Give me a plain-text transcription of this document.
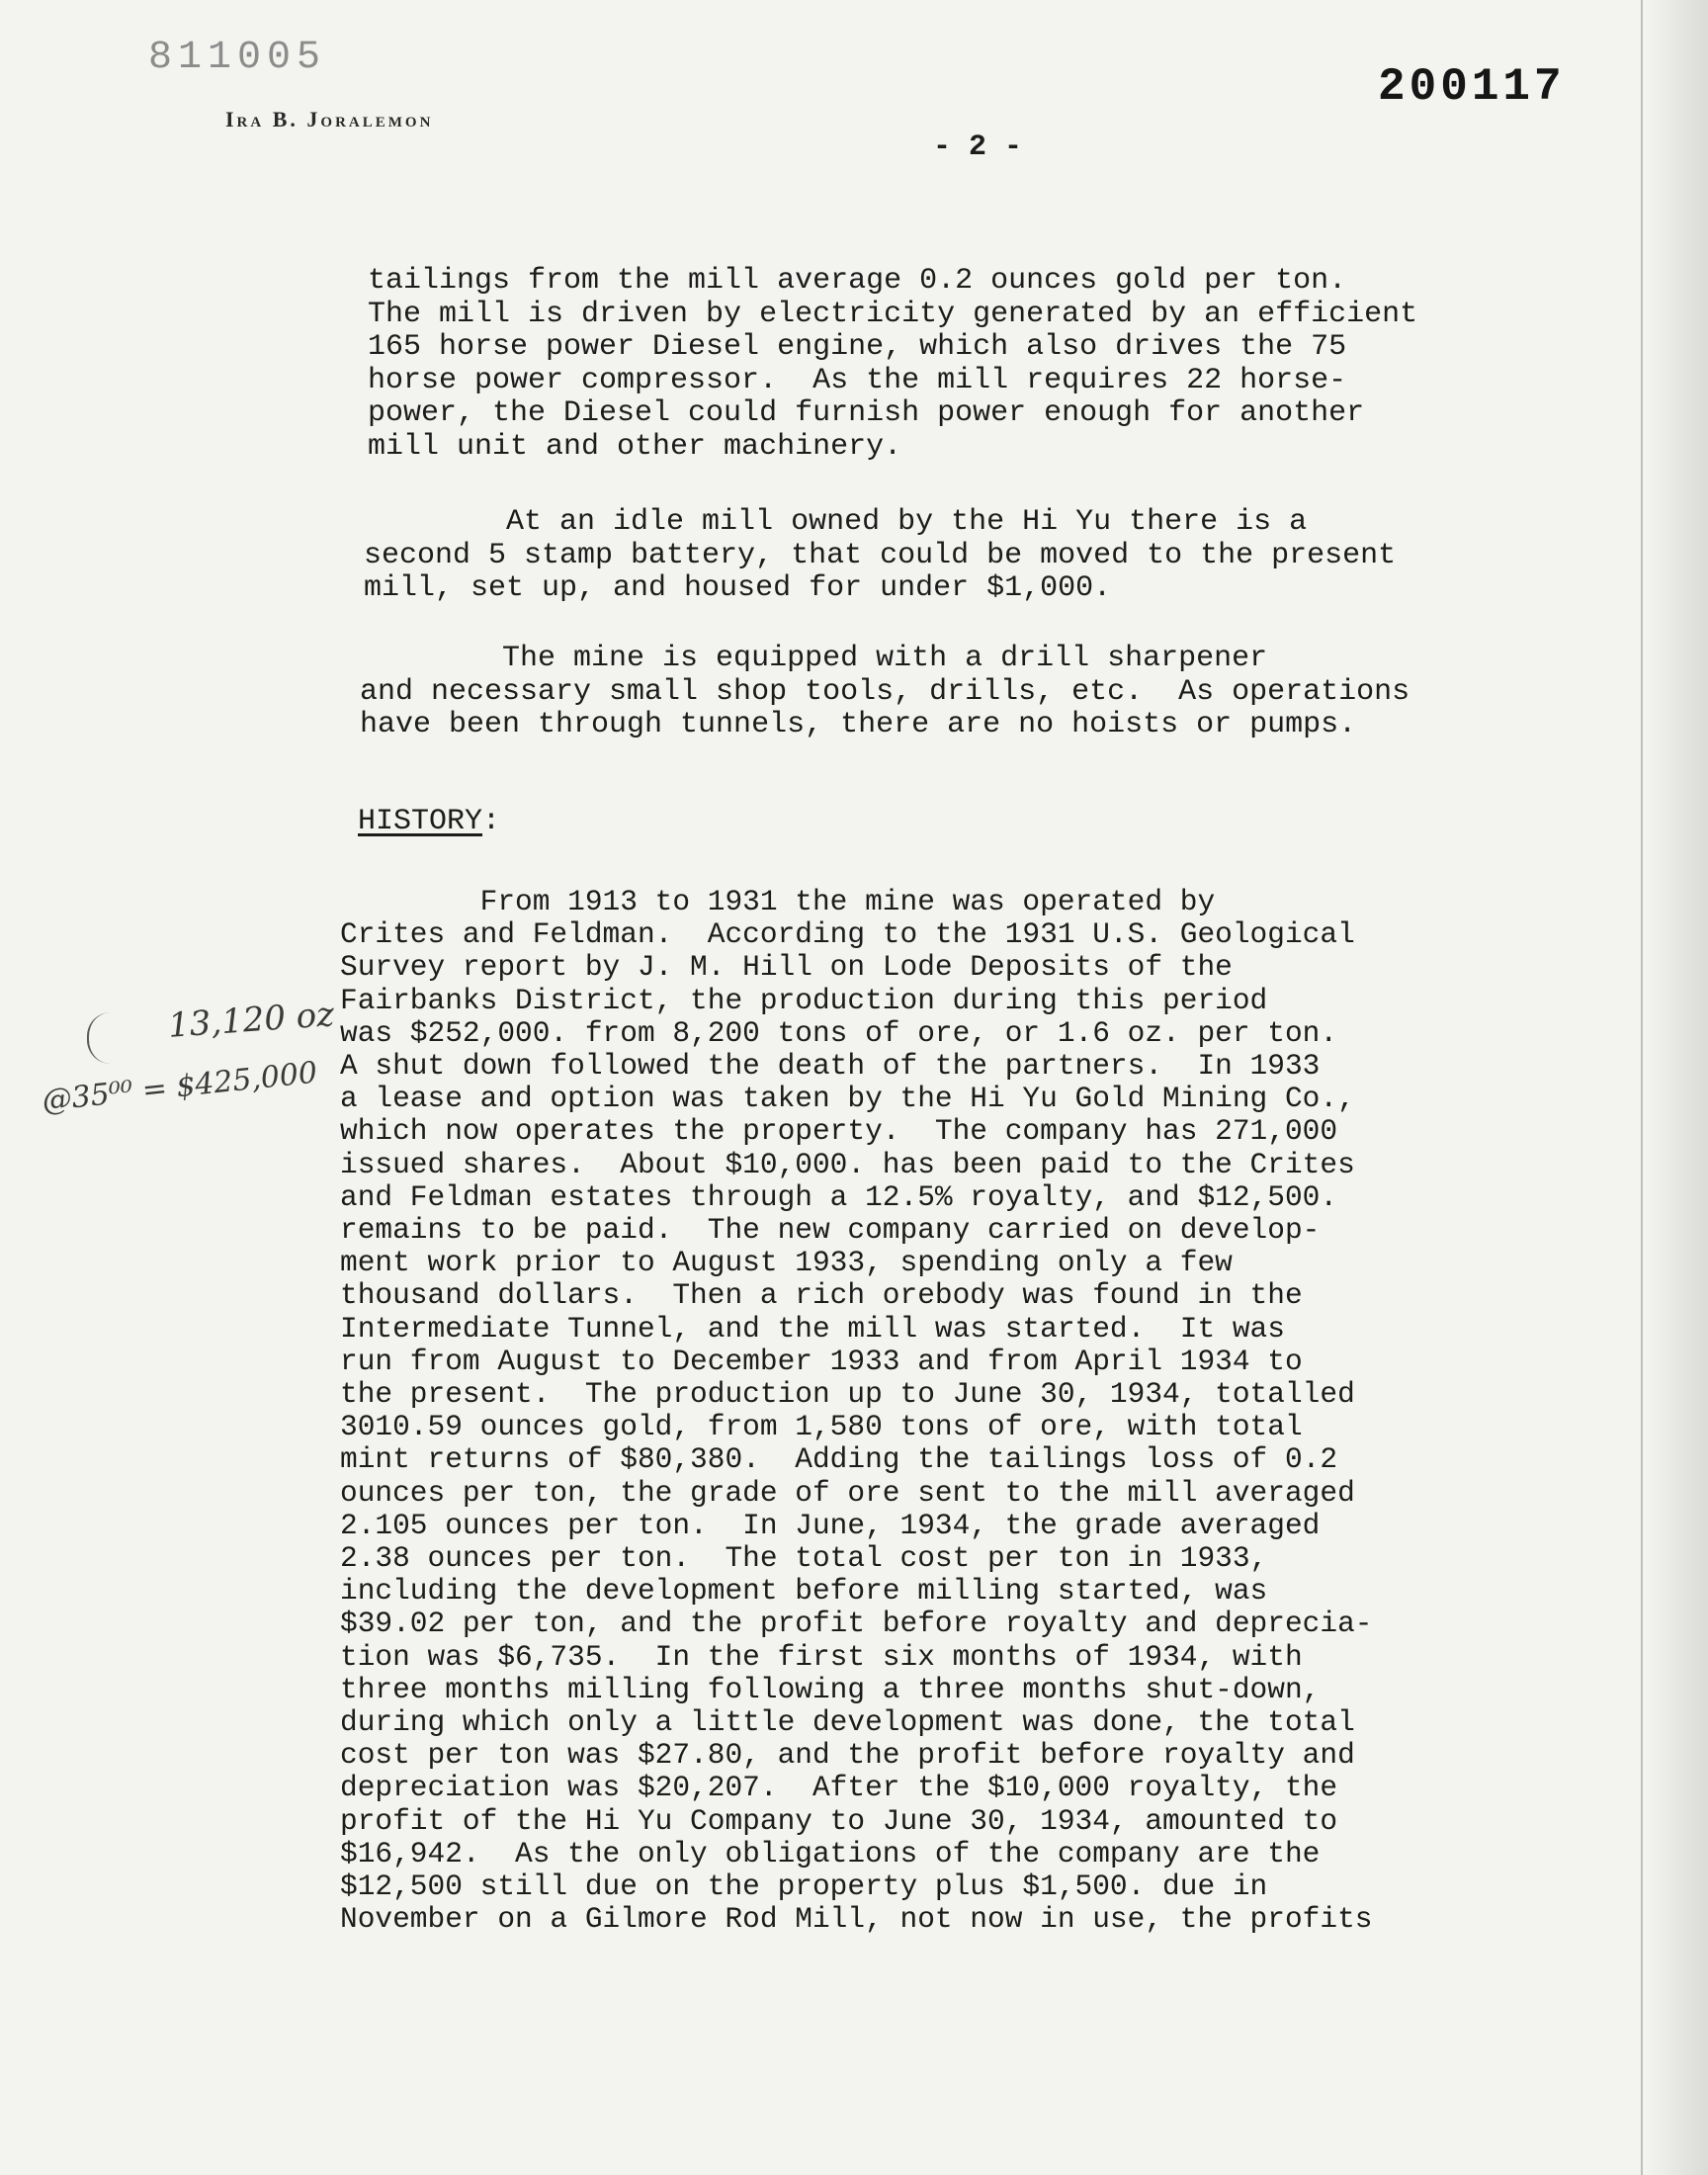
811005
Ira B. Joralemon
200117
- 2 -

tailings from the mill average 0.2 ounces gold per ton.
The mill is driven by electricity generated by an efficient
165 horse power Diesel engine, which also drives the 75
horse power compressor.  As the mill requires 22 horse-
power, the Diesel could furnish power enough for another
mill unit and other machinery.

At an idle mill owned by the Hi Yu there is a
second 5 stamp battery, that could be moved to the present
mill, set up, and housed for under $1,000.

The mine is equipped with a drill sharpener
and necessary small shop tools, drills, etc.  As operations
have been through tunnels, there are no hoists or pumps.

HISTORY:

From 1913 to 1931 the mine was operated by
Crites and Feldman.  According to the 1931 U.S. Geological
Survey report by J. M. Hill on Lode Deposits of the
Fairbanks District, the production during this period
was $252,000. from 8,200 tons of ore, or 1.6 oz. per ton.
A shut down followed the death of the partners.  In 1933
a lease and option was taken by the Hi Yu Gold Mining Co.,
which now operates the property.  The company has 271,000
issued shares.  About $10,000. has been paid to the Crites
and Feldman estates through a 12.5% royalty, and $12,500.
remains to be paid.  The new company carried on develop-
ment work prior to August 1933, spending only a few
thousand dollars.  Then a rich orebody was found in the
Intermediate Tunnel, and the mill was started.  It was
run from August to December 1933 and from April 1934 to
the present.  The production up to June 30, 1934, totalled
3010.59 ounces gold, from 1,580 tons of ore, with total
mint returns of $80,380.  Adding the tailings loss of 0.2
ounces per ton, the grade of ore sent to the mill averaged
2.105 ounces per ton.  In June, 1934, the grade averaged
2.38 ounces per ton.  The total cost per ton in 1933,
including the development before milling started, was
$39.02 per ton, and the profit before royalty and deprecia-
tion was $6,735.  In the first six months of 1934, with
three months milling following a three months shut-down,
during which only a little development was done, the total
cost per ton was $27.80, and the profit before royalty and
depreciation was $20,207.  After the $10,000 royalty, the
profit of the Hi Yu Company to June 30, 1934, amounted to
$16,942.  As the only obligations of the company are the
$12,500 still due on the property plus $1,500. due in
November on a Gilmore Rod Mill, not now in use, the profits

13,120 oz
@35⁰⁰ = $425,000
